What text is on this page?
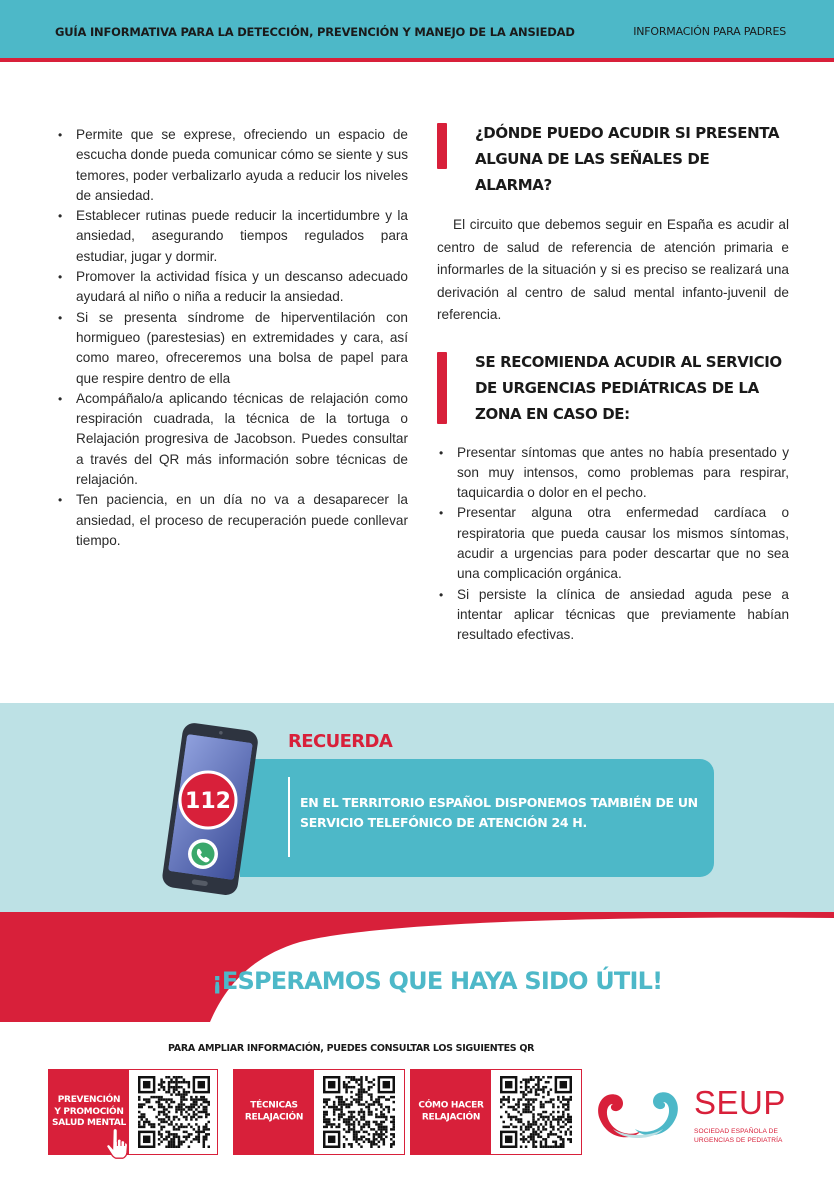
GUÍA INFORMATIVA PARA LA DETECCIÓN, PREVENCIÓN Y MANEJO DE LA ANSIEDAD	INFORMACIÓN PARA PADRES
• Permite que se exprese, ofreciendo un espacio de escucha donde pueda comunicar cómo se siente y sus temores, poder verbalizarlo ayuda a reducir los niveles de ansiedad.
• Establecer rutinas puede reducir la incertidumbre y la ansiedad, asegurando tiempos regulados para estudiar, jugar y dormir.
• Promover la actividad física y un descanso adecuado ayudará al niño o niña a reducir la ansiedad.
• Si se presenta síndrome de hiperventilación con hormigueo (parestesias) en extremidades y cara, así como mareo, ofreceremos una bolsa de papel para que respire dentro de ella
• Acompáñalo/a aplicando técnicas de relajación como respiración cuadrada, la técnica de la tortuga o Relajación progresiva de Jacobson. Puedes consultar a través del QR más información sobre técnicas de relajación.
• Ten paciencia, en un día no va a desaparecer la ansiedad, el proceso de recuperación puede conllevar tiempo.
¿DÓNDE PUEDO ACUDIR SI PRESENTA ALGUNA DE LAS SEÑALES DE ALARMA?

El circuito que debemos seguir en España es acudir al centro de salud de referencia de atención primaria e informarles de la situación y si es preciso se realizará una derivación al centro de salud mental infanto-juvenil de referencia.

SE RECOMIENDA ACUDIR AL SERVICIO DE URGENCIAS PEDIÁTRICAS DE LA ZONA EN CASO DE:
• Presentar síntomas que antes no había presentado y son muy intensos, como problemas para respirar, taquicardia o dolor en el pecho.
• Presentar alguna otra enfermedad cardíaca o respiratoria que pueda causar los mismos síntomas, acudir a urgencias para poder descartar que no sea una complicación orgánica.
• Si persiste la clínica de ansiedad aguda pese a intentar aplicar técnicas que previamente habían resultado efectivas.
RECUERDA
EN EL TERRITORIO ESPAÑOL DISPONEMOS TAMBIÉN DE UN SERVICIO TELEFÓNICO DE ATENCIÓN 24 H.
112
¡ESPERAMOS QUE HAYA SIDO ÚTIL!
PARA AMPLIAR INFORMACIÓN, PUEDES CONSULTAR LOS SIGUIENTES QR
PREVENCIÓN
Y PROMOCIÓN
SALUD MENTAL
TÉCNICAS
RELAJACIÓN
CÓMO HACER
RELAJACIÓN	SEUP
SOCIEDAD ESPAÑOLA DE
URGENCIAS DE PEDIATRÍA
